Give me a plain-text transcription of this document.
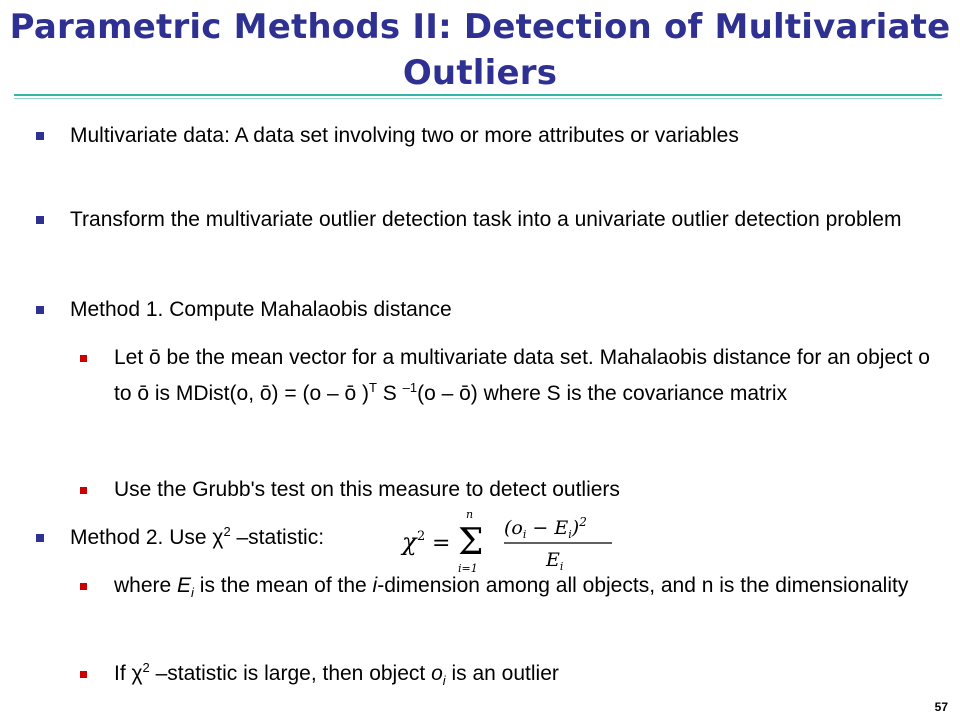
Parametric Methods II: Detection of Multivariate Outliers
Multivariate data: A data set involving two or more attributes or variables
Transform the multivariate outlier detection task into a univariate outlier detection problem
Method 1. Compute Mahalaobis distance
Let ō be the mean vector for a multivariate data set. Mahalaobis distance for an object o to ō is MDist(o, ō) = (o – ō )$^T$ S $^{-1}$(o – ō) where S is the covariance matrix
Use the Grubb's test on this measure to detect outliers
Method 2. Use $\chi^2$ –statistic:	χ 2 =
n
Σ
i=1
$(o_i - E_i)^2$
$E_i$
where $E_i$ is the mean of the i-dimension among all objects, and n is the dimensionality
If $\chi^2$ –statistic is large, then object $o_i$ is an outlier
57
